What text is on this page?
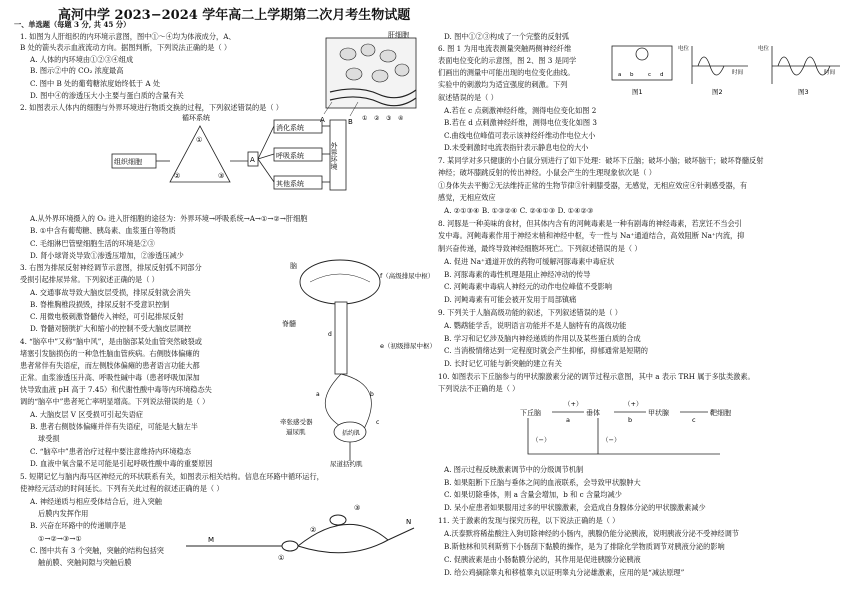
高河中学 2023−2024 学年高二上学期第二次月考生物试题
一、单选题（每题 3 分, 共 45 分）
1. 如图为人肝组织的内环境示意图，图中①～④均为体液成分，A、
B 处的箭头表示血液流动方向。据图判断，下列说法正确的是（ ）
A. 人体的内环境由①②③④组成
B. 图示②中的 CO₂ 浓度最高
C. 图中 B 处的葡萄糖浓度始终低于 A 处
D. 图中④的渗透压大小主要与蛋白质的含量有关
2. 如图表示人体内的细胞与外界环境进行物质交换的过程，下列叙述错误的是（ ）
A.从外界环境摄入的 O₂ 进入肝细胞的途径为：外界环境→呼吸系统→A→①→②→肝细胞
B. ①中含有葡萄糖、胰岛素、血浆蛋白等物质
C. 毛细淋巴管壁细胞生活的环境是②③
D. 肾小球肾炎导致①渗透压增加，②渗透压减少
3. 右图为排尿反射神经调节示意图，排尿反射弧不同部分
受损引起排尿异常。下列叙述正确的是（ ）
A. 交通事故导致大脑皮层受损，排尿反射就会消失
B. 脊椎胸椎段损毁，排尿反射不受意识控制
C. 用微电极刺激脊髓传入神经，可引起排尿反射
D. 脊髓对膀胱扩大和缩小的控制不受大脑皮层调控
4. “脑卒中”又称“脑中风”，是由脑部某处血管突然破裂或
堵塞引发脑损伤的一种急性脑血管疾病。右侧肢体偏瘫的
患者常伴有失语症，而左侧肢体偏瘫的患者语言功能大都
正常。血浆渗透压升高、呼吸性碱中毒（患者呼吸加深加
快导致血液 pH 高于 7.45）和代谢性酸中毒等内环境稳态失
调的“脑卒中”患者死亡率明显增高。下列说法错误的是（ ）
A. 大脑皮层 V 区受损可引起失语症
B. 患者右侧肢体偏瘫并伴有失语症，可能是大脑左半
球受损
C. “脑卒中”患者治疗过程中要注意维持内环境稳态
D. 血液中氧含量不足可能是引起呼吸性酸中毒的重要原因
5. 短期记忆与脑内海马区神经元的环状联系有关，如图表示相关结构。信息在环路中循环运行，
使神经元活动的时间延长。下列有关此过程的叙述正确的是（ ）
A. 神经递质与相应受体结合后，进入突触
后膜内发挥作用
B. 兴奋在环路中的传递顺序是
①→②→③→①
C. 图中共有 3 个突触，突触的结构包括突
触前膜、突触间隙与突触后膜
D. 图中①②③构成了一个完整的反射弧
6. 图 1 为用电流表测量突触两侧神经纤维
表面电位变化的示意图，图 2、图 3 是同学
们画出的测量中可能出现的电位变化曲线。
实验中的刺激均为适宜强度的刺激。下列
叙述错误的是（ ）
A.若在 c 点刺激神经纤维，测得电位变化如图 2
B.若在 d 点刺激神经纤维，测得电位变化如图 3
C.曲线电位峰值可表示该神经纤维动作电位大小
D.未受刺激时电流表指针表示静息电位的大小
7. 某同学对多只健康的小白鼠分别进行了如下处理：破坏下丘脑；破坏小脑；破坏脑干；破坏脊髓反射
神经；破坏膝跳反射的传出神经。小鼠会产生的生理现象依次是（ ）
①身体失去平衡②无法维持正常的生物节律③针刺膝受器，无感觉，无相应效应④针刺感受器，有
感觉，无相应效应
A. ②①③④ B. ①③②④ C. ②④①③ D. ①④②③
8. 河豚是一种美味的食材，但其体内含有的河鲀毒素是一种有剧毒的神经毒素，若烹饪不当会引
发中毒。河鲀毒素作用于神经末梢和神经中枢，专一性与 Na⁺通道结合，高效阻断 Na⁺内流，抑
制兴奋传递，最终导致神经细胞坏死亡。下列叙述错误的是（ ）
A. 促进 Na⁺通道开放的药物可缓解河豚毒素中毒症状
B. 河豚毒素的毒性机理是阻止神经冲动的传导
C. 河鲀毒素中毒病人神经元的动作电位峰值不受影响
D. 河鲀毒素有可能会被开发用于局部镇痛
9. 下列关于人脑高级功能的叙述，下列叙述错误的是（ ）
A. 鹦鹉能学舌，说明语言功能并不是人脑特有的高级功能
B. 学习和记忆涉及脑内神经递质的作用以及某些蛋白质的合成
C. 当消极情绪达到一定程度时就会产生抑郁，抑郁通常是短期的
D. 长时记忆可能与新突触的建立有关
10. 如图表示下丘脑参与的甲状腺激素分泌的调节过程示意图，其中 a 表示 TRH 属于多肽类激素。
下列说法不正确的是（ ）
A. 图示过程反映激素调节中的分级调节机制
B. 如果阻断下丘脑与垂体之间的血液联系，会导致甲状腺肿大
C. 如果切除垂体，则 a 含量会增加，b 和 c 含量均减少
D. 呆小症患者如果服用过多的甲状腺激素，会造成自身腺体分泌的甲状腺激素减少
11. 关于激素的发现与探究历程，以下说法正确的是（ ）
A.沃泰默将稀盐酸注入狗切除神经的小肠内，胰腺仍能分泌胰液，说明胰液分泌不受神经调节
B.斯他林和贝利斯剪下小肠刮下黏膜的操作，是为了排除化学物质调节对胰液分泌的影响
C. 促胰液素是由小肠黏膜分泌的，其作用是促进胰腺分泌胰液
D. 给公鸡摘除睾丸和移植睾丸以证明睾丸分泌雄激素，应用的是“减法原理”
肝细胞
A	B ① ② ③ ④
组织细胞
循环系统
消化系统
呼吸系统
其他系统
外界环境
A
①
②	③
脑
f（高级排尿中枢）
e（初级排尿中枢）
脊髓
牵张感受器
逼尿肌	括约肌
尿道括约肌
d
a	b
c
M
N
①
②
③
图1	图2	图3
电位
时间
电位
时间
a b	c d
下丘脑	垂体	甲状腺	靶细胞
（+）	（+）
a	b	c
（−）	（−）
